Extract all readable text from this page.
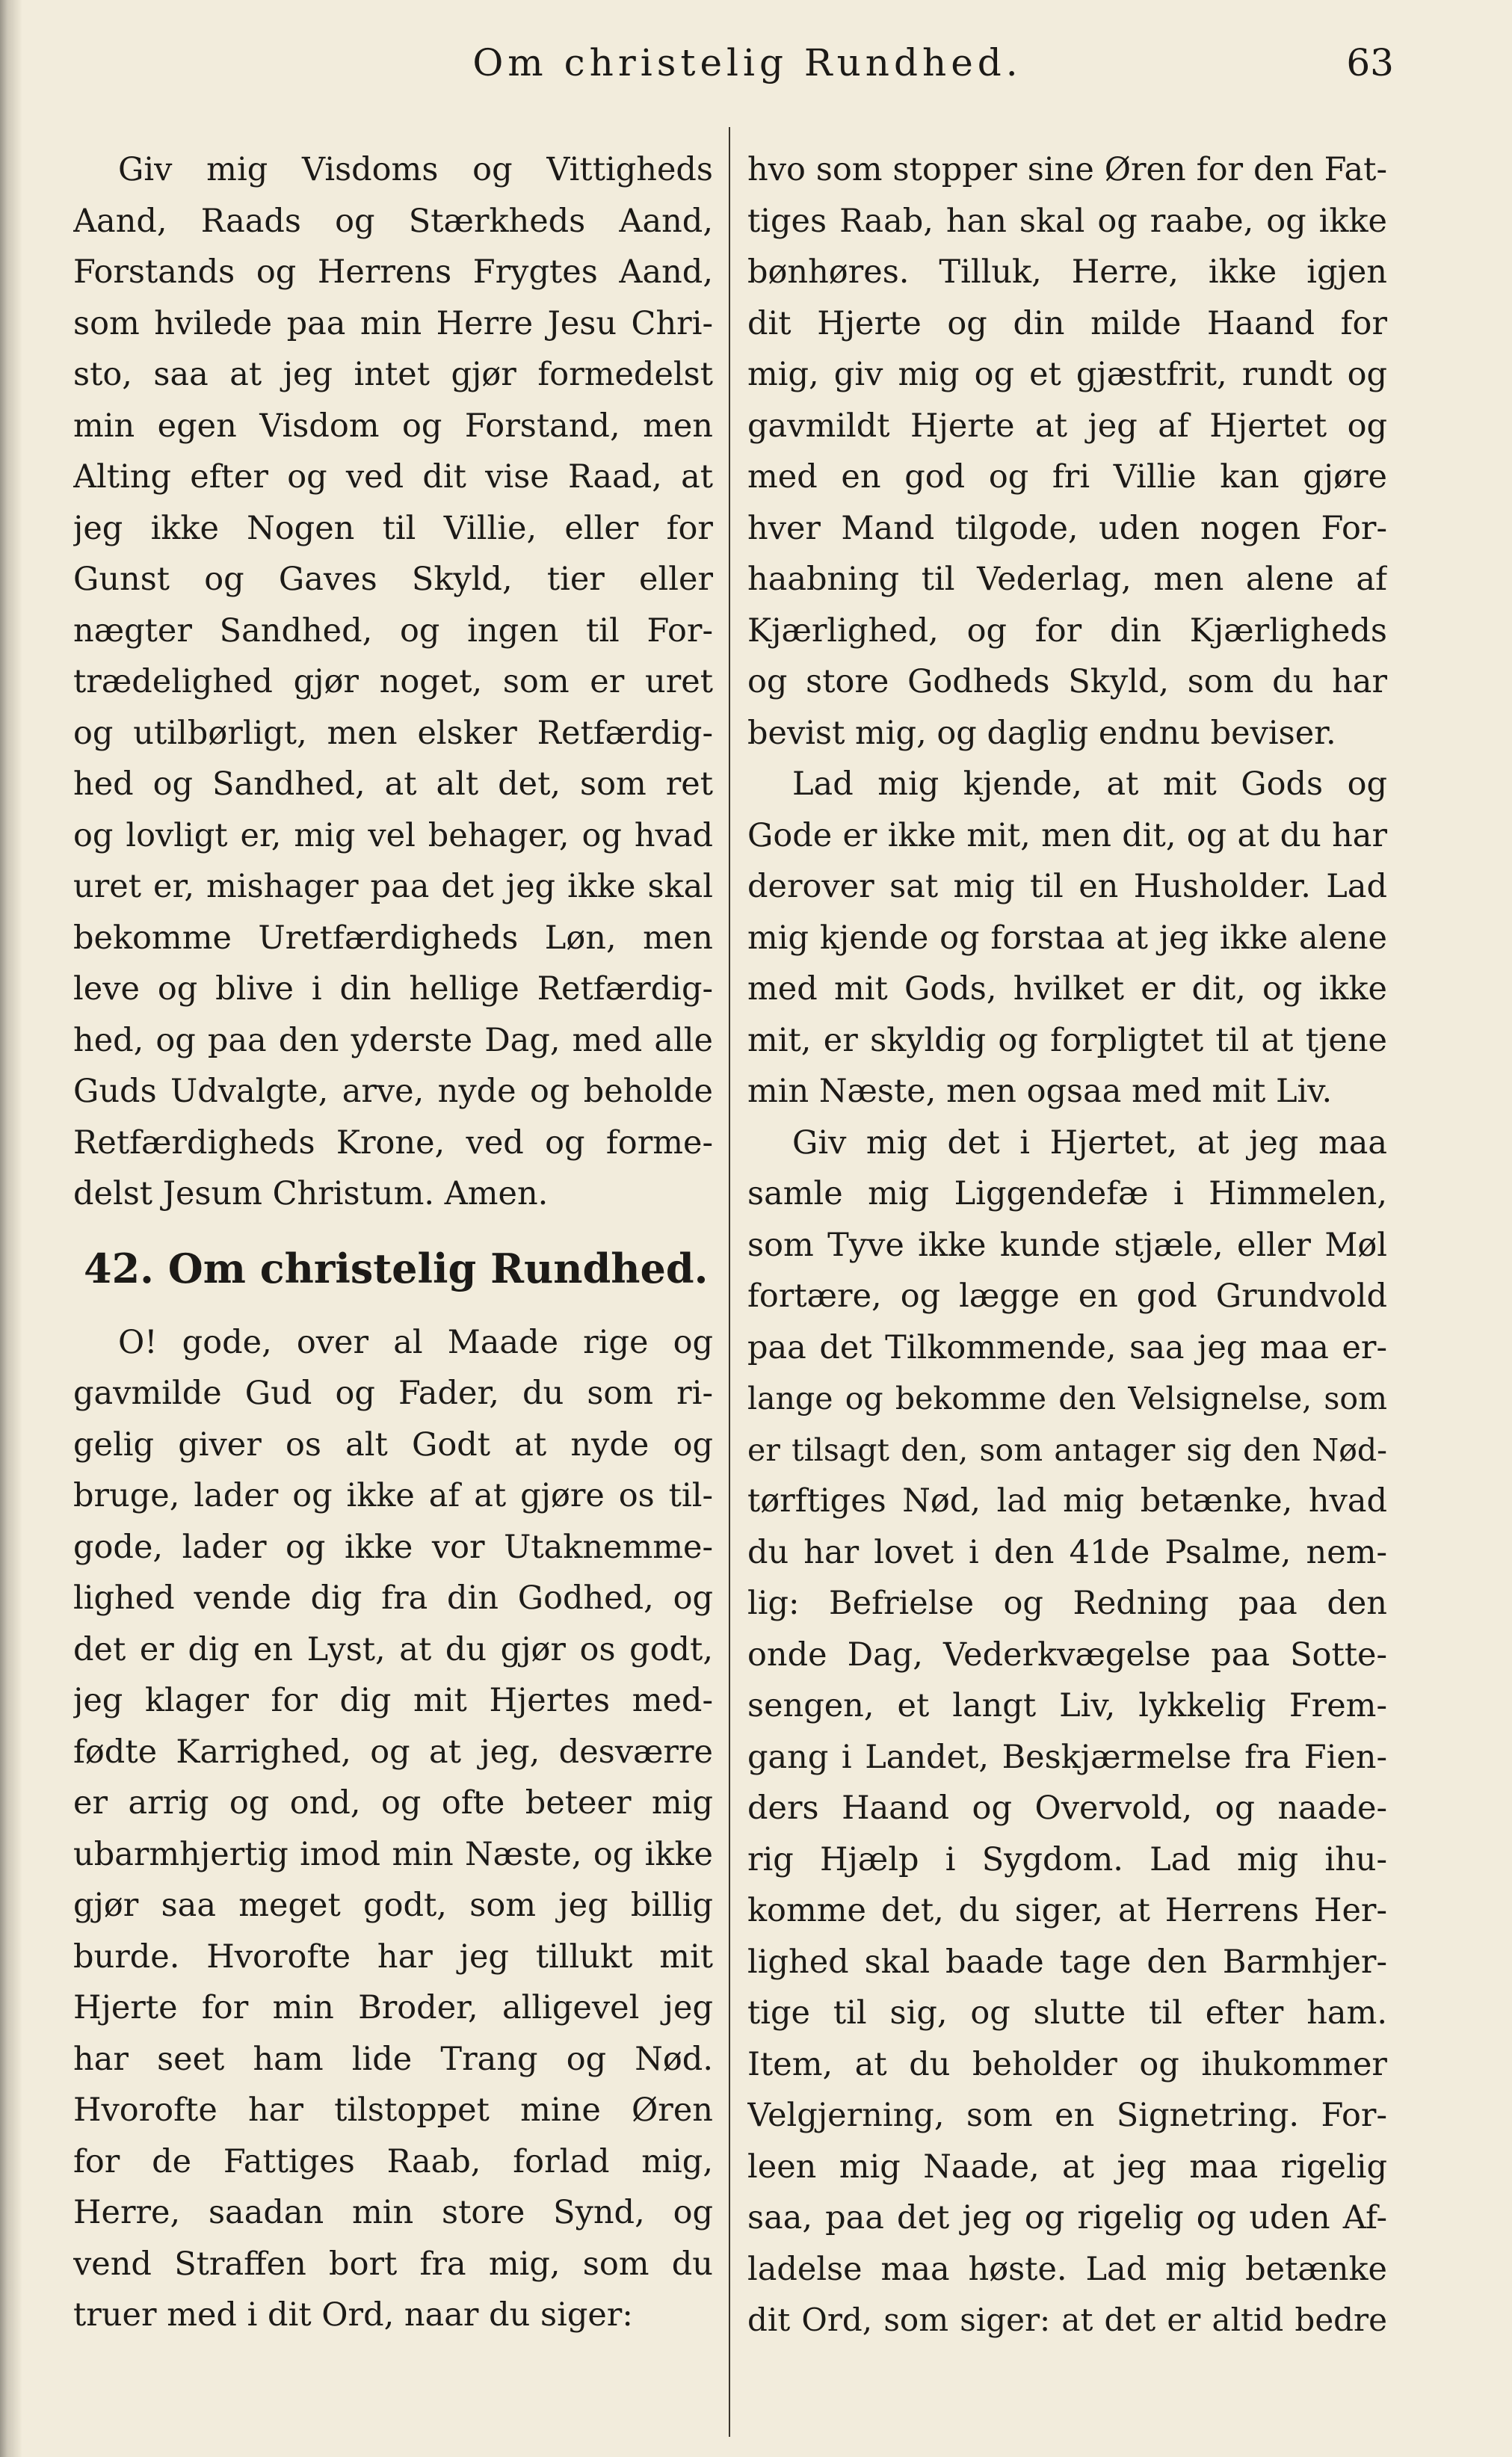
Om christelig Rundhed.	63
Giv mig Visdoms og Vittigheds
Aand, Raads og Stærkheds Aand,
Forstands og Herrens Frygtes Aand,
som hvilede paa min Herre Jesu Chri-
sto, saa at jeg intet gjør formedelst
min egen Visdom og Forstand, men
Alting efter og ved dit vise Raad, at
jeg ikke Nogen til Villie, eller for
Gunst og Gaves Skyld, tier eller
nægter Sandhed, og ingen til For-
trædelighed gjør noget, som er uret
og utilbørligt, men elsker Retfærdig-
hed og Sandhed, at alt det, som ret
og lovligt er, mig vel behager, og hvad
uret er, mishager paa det jeg ikke skal
bekomme Uretfærdigheds Løn, men
leve og blive i din hellige Retfærdig-
hed, og paa den yderste Dag, med alle
Guds Udvalgte, arve, nyde og beholde
Retfærdigheds Krone, ved og forme-
delst Jesum Christum. Amen.
42. Om christelig Rundhed.
O! gode, over al Maade rige og
gavmilde Gud og Fader, du som ri-
gelig giver os alt Godt at nyde og
bruge, lader og ikke af at gjøre os til-
gode, lader og ikke vor Utaknemme-
lighed vende dig fra din Godhed, og
det er dig en Lyst, at du gjør os godt,
jeg klager for dig mit Hjertes med-
fødte Karrighed, og at jeg, desværre
er arrig og ond, og ofte beteer mig
ubarmhjertig imod min Næste, og ikke
gjør saa meget godt, som jeg billig
burde. Hvorofte har jeg tillukt mit
Hjerte for min Broder, alligevel jeg
har seet ham lide Trang og Nød.
Hvorofte har tilstoppet mine Øren
for de Fattiges Raab, forlad mig,
Herre, saadan min store Synd, og
vend Straffen bort fra mig, som du
truer med i dit Ord, naar du siger:
hvo som stopper sine Øren for den Fat-
tiges Raab, han skal og raabe, og ikke
bønhøres. Tilluk, Herre, ikke igjen
dit Hjerte og din milde Haand for
mig, giv mig og et gjæstfrit, rundt og
gavmildt Hjerte at jeg af Hjertet og
med en god og fri Villie kan gjøre
hver Mand tilgode, uden nogen For-
haabning til Vederlag, men alene af
Kjærlighed, og for din Kjærligheds
og store Godheds Skyld, som du har
bevist mig, og daglig endnu beviser.
Lad mig kjende, at mit Gods og
Gode er ikke mit, men dit, og at du har
derover sat mig til en Husholder. Lad
mig kjende og forstaa at jeg ikke alene
med mit Gods, hvilket er dit, og ikke
mit, er skyldig og forpligtet til at tjene
min Næste, men ogsaa med mit Liv.
Giv mig det i Hjertet, at jeg maa
samle mig Liggendefæ i Himmelen,
som Tyve ikke kunde stjæle, eller Møl
fortære, og lægge en god Grundvold
paa det Tilkommende, saa jeg maa er-
lange og bekomme den Velsignelse, som
er tilsagt den, som antager sig den Nød-
tørftiges Nød, lad mig betænke, hvad
du har lovet i den 41de Psalme, nem-
lig: Befrielse og Redning paa den
onde Dag, Vederkvægelse paa Sotte-
sengen, et langt Liv, lykkelig Frem-
gang i Landet, Beskjærmelse fra Fien-
ders Haand og Overvold, og naade-
rig Hjælp i Sygdom. Lad mig ihu-
komme det, du siger, at Herrens Her-
lighed skal baade tage den Barmhjer-
tige til sig, og slutte til efter ham.
Item, at du beholder og ihukommer
Velgjerning, som en Signetring. For-
leen mig Naade, at jeg maa rigelig
saa, paa det jeg og rigelig og uden Af-
ladelse maa høste. Lad mig betænke
dit Ord, som siger: at det er altid bedre
